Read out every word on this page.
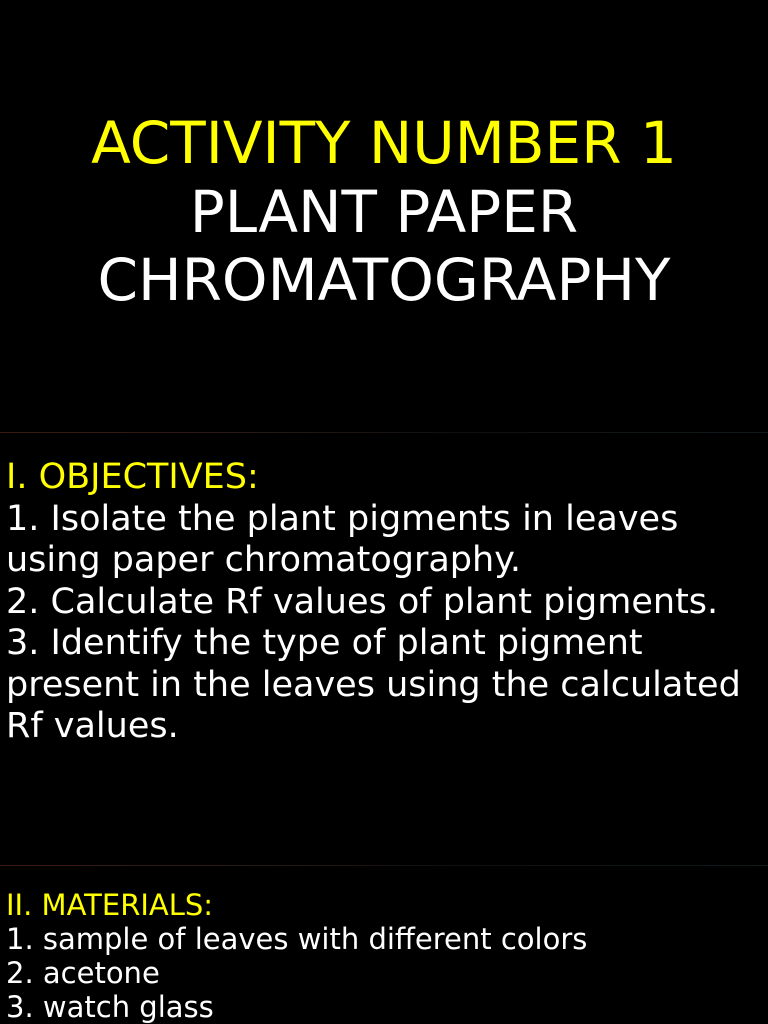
ACTIVITY NUMBER 1
PLANT PAPER
CHROMATOGRAPHY
I. OBJECTIVES:
1. Isolate the plant pigments in leaves using paper chromatography.
2. Calculate Rf values of plant pigments.
3. Identify the type of plant pigment present in the leaves using the calculated Rf values.
II. MATERIALS:
1. sample of leaves with different colors
2. acetone
3. watch glass
